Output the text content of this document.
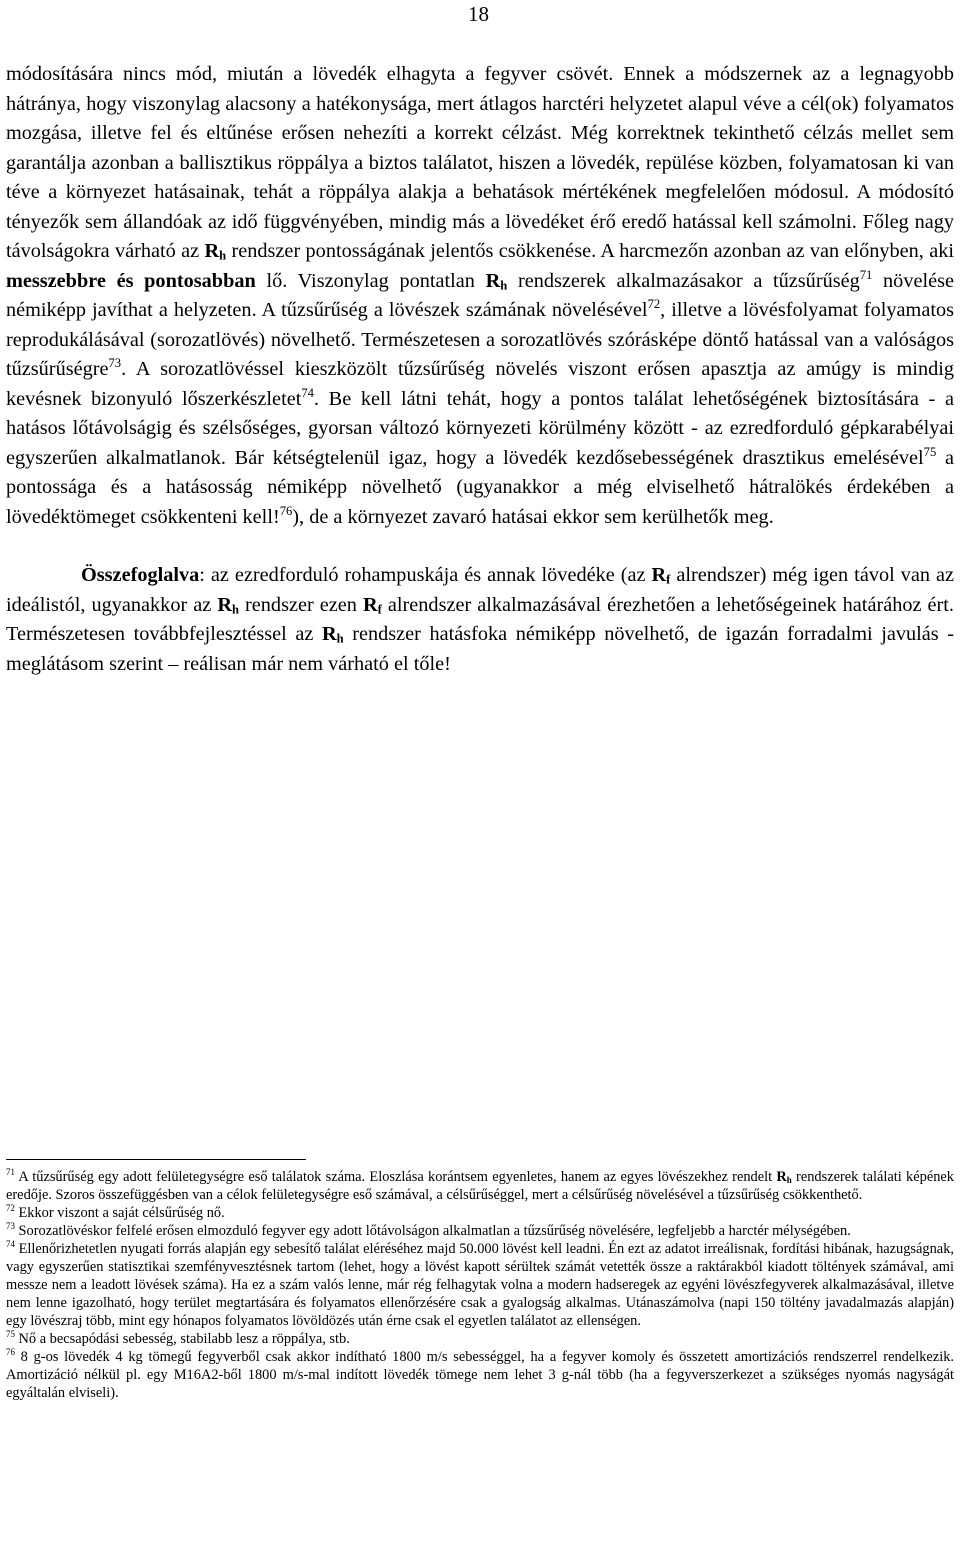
18

módosítására nincs mód, miután a lövedék elhagyta a fegyver csövét. Ennek a módszernek az a legnagyobb hátránya, hogy viszonylag alacsony a hatékonysága, mert átlagos harctéri helyzetet alapul véve a cél(ok) folyamatos mozgása, illetve fel és eltűnése erősen nehezíti a korrekt célzást. Még korrektnek tekinthető célzás mellet sem garantálja azonban a ballisztikus röppálya a biztos találatot, hiszen a lövedék, repülése közben, folyamatosan ki van téve a környezet hatásainak, tehát a röppálya alakja a behatások mértékének megfelelően módosul. A módosító tényezők sem állandóak az idő függvényében, mindig más a lövedéket érő eredő hatással kell számolni. Főleg nagy távolságokra várható az $R_h$ rendszer pontosságának jelentős csökkenése. A harcmezőn azonban az van előnyben, aki messzebbre és pontosabban lő. Viszonylag pontatlan $R_h$ rendszerek alkalmazásakor a tűzsűrűség$^{71}$ növelése némiképp javíthat a helyzeten. A tűzsűrűség a lövészek számának növelésével$^{72}$, illetve a lövésfolyamat folyamatos reprodukálásával (sorozatlövés) növelhető. Természetesen a sorozatlövés szórásképe döntő hatással van a valóságos tűzsűrűségre$^{73}$. A sorozatlövéssel kieszközölt tűzsűrűség növelés viszont erősen apasztja az amúgy is mindig kevésnek bizonyuló lőszerkészletet$^{74}$. Be kell látni tehát, hogy a pontos találat lehetőségének biztosítására - a hatásos lőtávolságig és szélsőséges, gyorsan változó környezeti körülmény között - az ezredforduló gépkarabélyai egyszerűen alkalmatlanok. Bár kétségtelenül igaz, hogy a lövedék kezdősebességének drasztikus emelésével$^{75}$ a pontossága és a hatásosság némiképp növelhető (ugyanakkor a még elviselhető hátralökés érdekében a lövedéktömeget csökkenteni kell!$^{76}$), de a környezet zavaró hatásai ekkor sem kerülhetők meg.

Összefoglalva: az ezredforduló rohampuskája és annak lövedéke (az $R_f$ alrendszer) még igen távol van az ideálistól, ugyanakkor az $R_h$ rendszer ezen $R_f$ alrendszer alkalmazásával érezhetően a lehetőségeinek határához ért. Természetesen továbbfejlesztéssel az $R_h$ rendszer hatásfoka némiképp növelhető, de igazán forradalmi javulás - meglátásom szerint – reálisan már nem várható el tőle!

$^{71}$ A tűzsűrűség egy adott felületegységre eső találatok száma. Eloszlása korántsem egyenletes, hanem az egyes lövészekhez rendelt $R_h$ rendszerek találati képének eredője. Szoros összefüggésben van a célok felületegységre eső számával, a célsűrűséggel, mert a célsűrűség növelésével a tűzsűrűség csökkenthető.

$^{72}$ Ekkor viszont a saját célsűrűség nő.

$^{73}$ Sorozatlövéskor felfelé erősen elmozduló fegyver egy adott lőtávolságon alkalmatlan a tűzsűrűség növelésére, legfeljebb a harctér mélységében.

$^{74}$ Ellenőrizhetetlen nyugati forrás alapján egy sebesítő találat eléréséhez majd 50.000 lövést kell leadni. Én ezt az adatot irreálisnak, fordítási hibának, hazugságnak, vagy egyszerűen statisztikai szemfényvesztésnek tartom (lehet, hogy a lövést kapott sérültek számát vetették össze a raktárakból kiadott töltények számával, ami messze nem a leadott lövések száma). Ha ez a szám valós lenne, már rég felhagytak volna a modern hadseregek az egyéni lövészfegyverek alkalmazásával, illetve nem lenne igazolható, hogy terület megtartására és folyamatos ellenőrzésére csak a gyalogság alkalmas. Utánaszámolva (napi 150 töltény javadalmazás alapján) egy lövészraj több, mint egy hónapos folyamatos lövöldözés után érne csak el egyetlen találatot az ellenségen.

$^{75}$ Nő a becsapódási sebesség, stabilabb lesz a röppálya, stb.

$^{76}$ 8 g-os lövedék 4 kg tömegű fegyverből csak akkor indítható 1800 m/s sebességgel, ha a fegyver komoly és összetett amortizációs rendszerrel rendelkezik. Amortizáció nélkül pl. egy M16A2-ből 1800 m/s-mal indított lövedék tömege nem lehet 3 g-nál több (ha a fegyverszerkezet a szükséges nyomás nagyságát egyáltalán elviseli).
